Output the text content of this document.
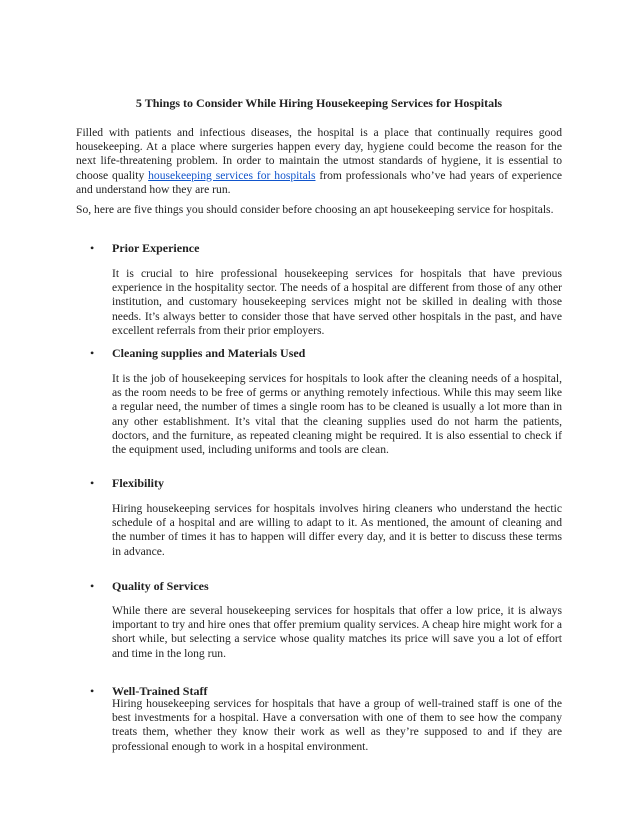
5 Things to Consider While Hiring Housekeeping Services for Hospitals

Filled with patients and infectious diseases, the hospital is a place that continually requires good housekeeping. At a place where surgeries happen every day, hygiene could become the reason for the next life-threatening problem. In order to maintain the utmost standards of hygiene, it is essential to choose quality housekeeping services for hospitals from professionals who’ve had years of experience and understand how they are run.

So, here are five things you should consider before choosing an apt housekeeping service for hospitals.

• Prior Experience

It is crucial to hire professional housekeeping services for hospitals that have previous experience in the hospitality sector. The needs of a hospital are different from those of any other institution, and customary housekeeping services might not be skilled in dealing with those needs. It’s always better to consider those that have served other hospitals in the past, and have excellent referrals from their prior employers.

• Cleaning supplies and Materials Used

It is the job of housekeeping services for hospitals to look after the cleaning needs of a hospital, as the room needs to be free of germs or anything remotely infectious. While this may seem like a regular need, the number of times a single room has to be cleaned is usually a lot more than in any other establishment. It’s vital that the cleaning supplies used do not harm the patients, doctors, and the furniture, as repeated cleaning might be required. It is also essential to check if the equipment used, including uniforms and tools are clean.

• Flexibility

Hiring housekeeping services for hospitals involves hiring cleaners who understand the hectic schedule of a hospital and are willing to adapt to it. As mentioned, the amount of cleaning and the number of times it has to happen will differ every day, and it is better to discuss these terms in advance.

• Quality of Services

While there are several housekeeping services for hospitals that offer a low price, it is always important to try and hire ones that offer premium quality services. A cheap hire might work for a short while, but selecting a service whose quality matches its price will save you a lot of effort and time in the long run.

• Well-Trained Staff

Hiring housekeeping services for hospitals that have a group of well-trained staff is one of the best investments for a hospital. Have a conversation with one of them to see how the company treats them, whether they know their work as well as they’re supposed to and if they are professional enough to work in a hospital environment.
